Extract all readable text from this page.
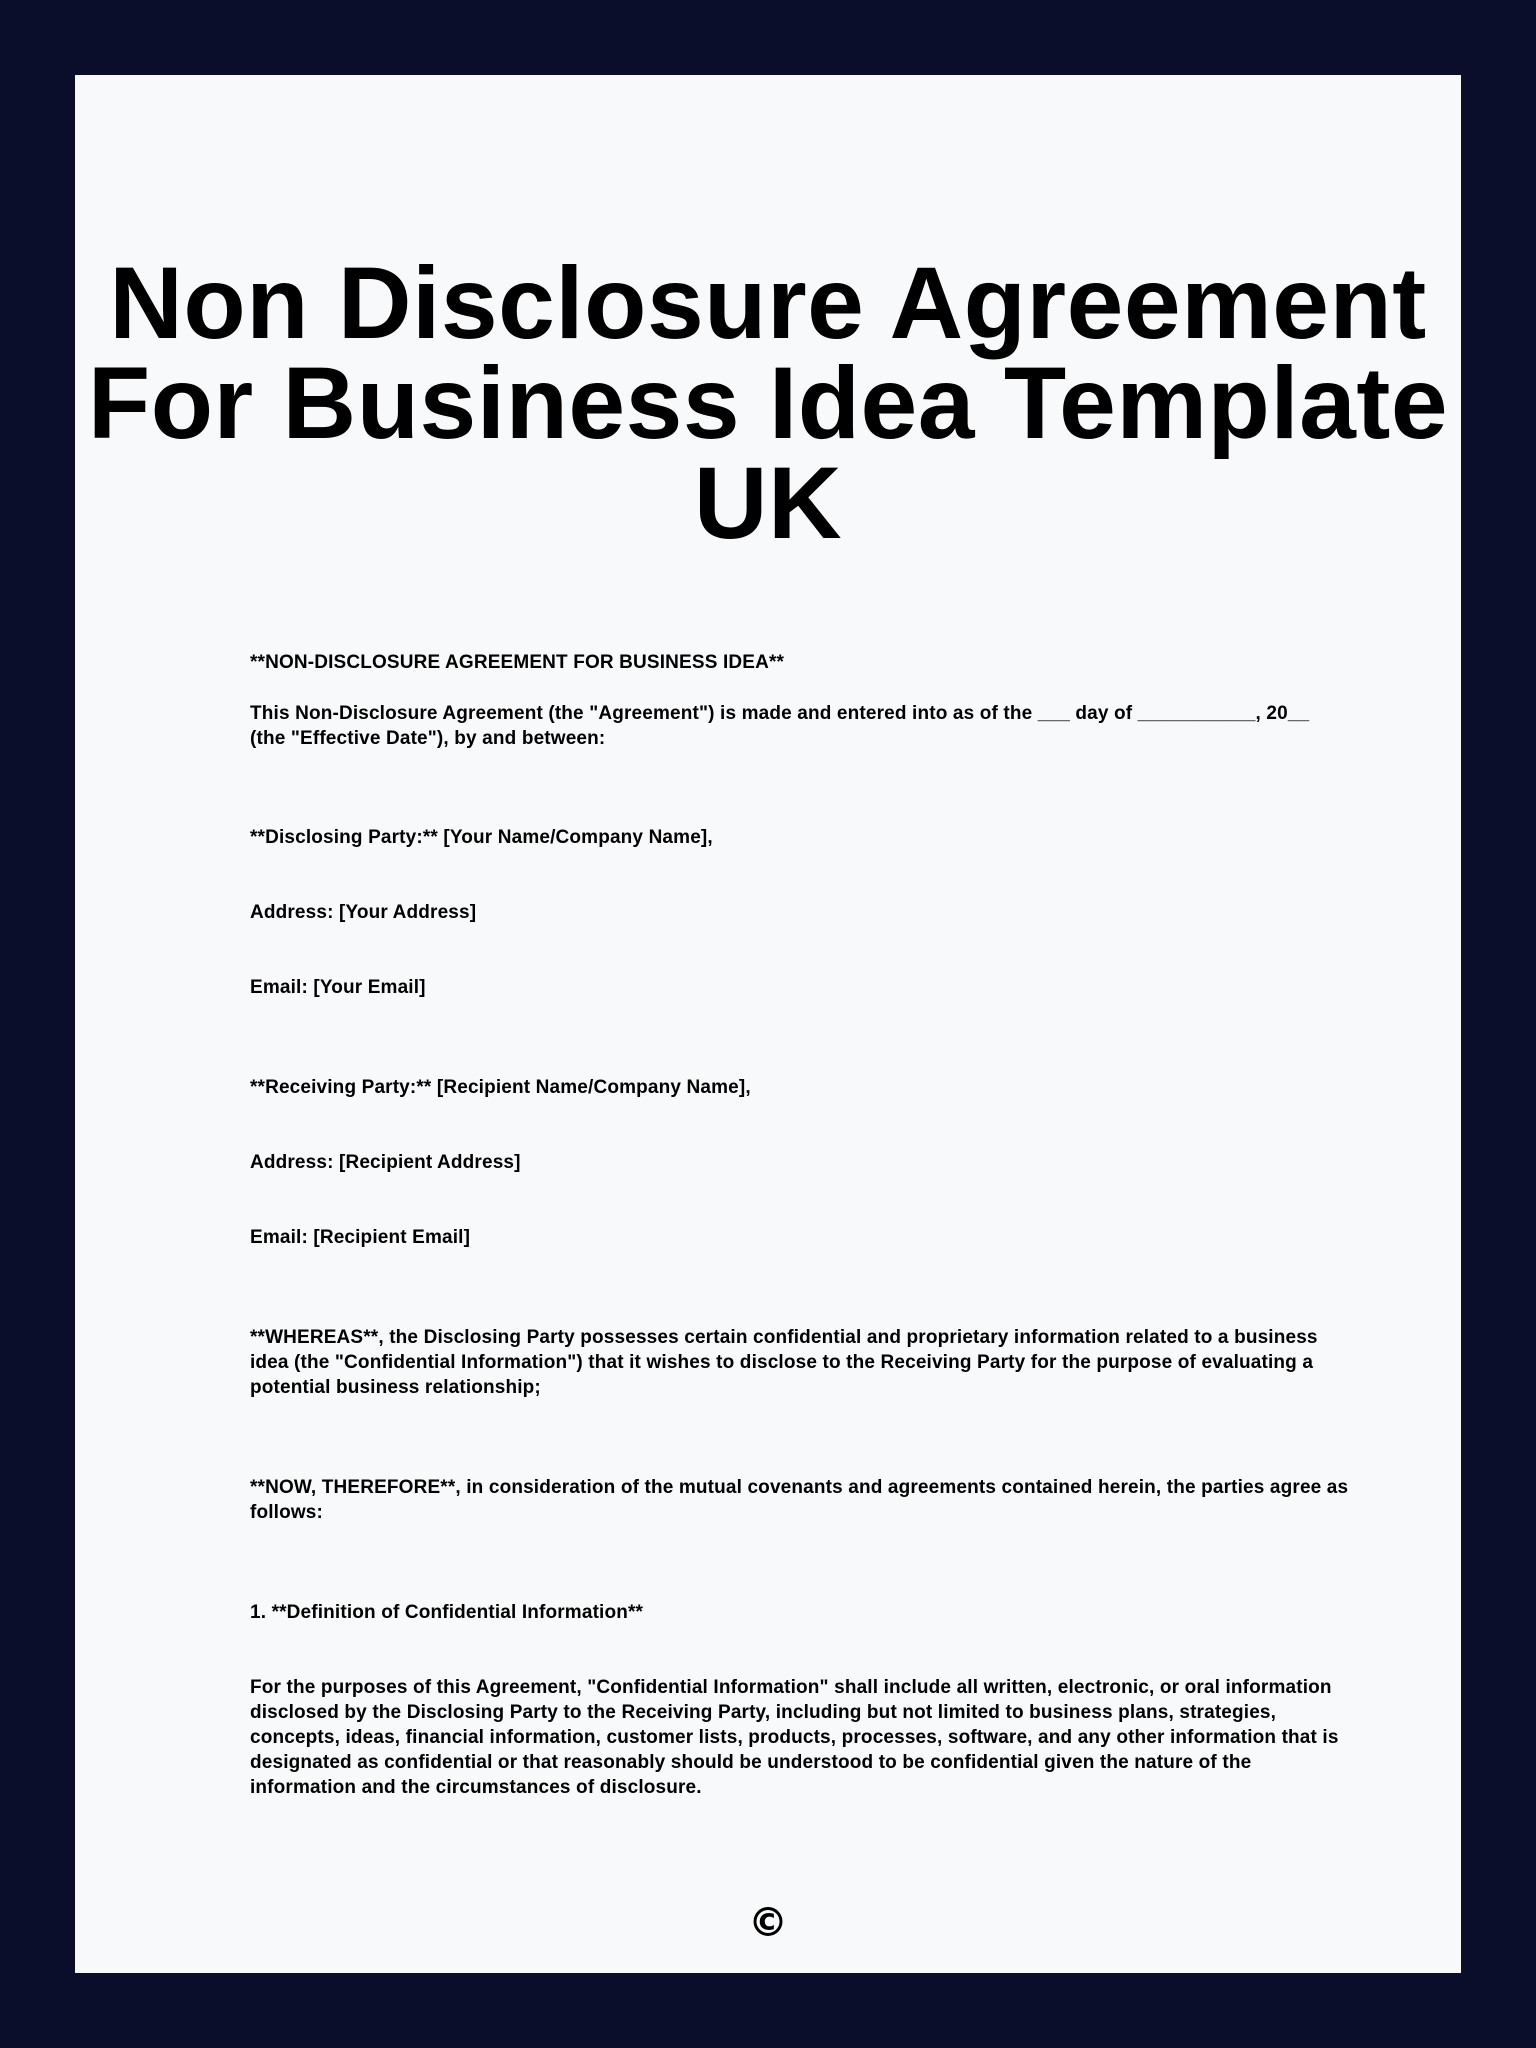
Non Disclosure Agreement
For Business Idea Template
UK

**NON-DISCLOSURE AGREEMENT FOR BUSINESS IDEA**

This Non-Disclosure Agreement (the "Agreement") is made and entered into as of the ___ day of ___________, 20__ (the "Effective Date"), by and between:

**Disclosing Party:** [Your Name/Company Name],

Address: [Your Address]

Email: [Your Email]

**Receiving Party:** [Recipient Name/Company Name],

Address: [Recipient Address]

Email: [Recipient Email]

**WHEREAS**, the Disclosing Party possesses certain confidential and proprietary information related to a business idea (the "Confidential Information") that it wishes to disclose to the Receiving Party for the purpose of evaluating a potential business relationship;

**NOW, THEREFORE**, in consideration of the mutual covenants and agreements contained herein, the parties agree as follows:

1. **Definition of Confidential Information**

For the purposes of this Agreement, "Confidential Information" shall include all written, electronic, or oral information disclosed by the Disclosing Party to the Receiving Party, including but not limited to business plans, strategies, concepts, ideas, financial information, customer lists, products, processes, software, and any other information that is designated as confidential or that reasonably should be understood to be confidential given the nature of the information and the circumstances of disclosure.

©
